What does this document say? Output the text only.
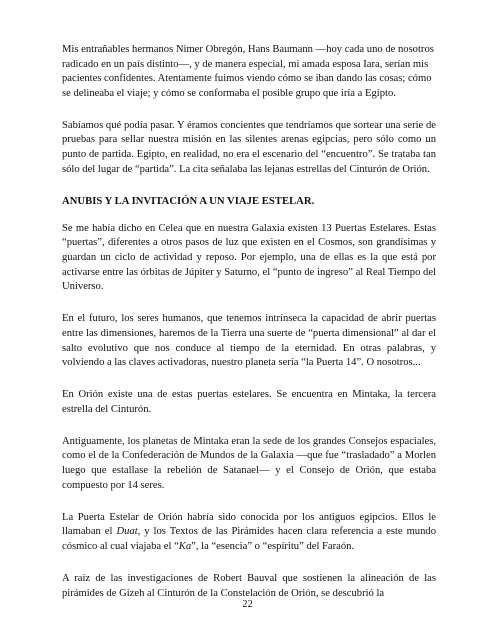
Mis entrañables hermanos Nimer Obregón, Hans Baumann —hoy cada uno de nosotros radicado en un país distinto—, y de manera especial, mi amada esposa Iara, serían mis pacientes confidentes. Atentamente fuimos viendo cómo se iban dando las cosas; cómo se delineaba el viaje; y cómo se conformaba el posible grupo que iría a Egipto.

Sabíamos qué podía pasar. Y éramos concientes que tendríamos que sortear una serie de pruebas para sellar nuestra misión en las silentes arenas egipcias, pero sólo como un punto de partida. Egipto, en realidad, no era el escenario del “encuentro”. Se trataba tan sólo del lugar de “partida”. La cita señalaba las lejanas estrellas del Cinturón de Orión.

ANUBIS Y LA INVITACIÓN A UN VIAJE ESTELAR.

Se me había dicho en Celea que en nuestra Galaxia existen 13 Puertas Estelares. Estas “puertas”, diferentes a otros pasos de luz que existen en el Cosmos, son grandísimas y guardan un ciclo de actividad y reposo. Por ejemplo, una de ellas es la que está por activarse entre las órbitas de Júpiter y Saturno, el “punto de ingreso” al Real Tiempo del Universo.

En el futuro, los seres humanos, que tenemos intrínseca la capacidad de abrir puertas entre las dimensiones, haremos de la Tierra una suerte de “puerta dimensional” al dar el salto evolutivo que nos conduce al tiempo de la eternidad. En otras palabras, y volviendo a las claves activadoras, nuestro planeta sería “la Puerta 14”. O nosotros...

En Orión existe una de estas puertas estelares. Se encuentra en Mintaka, la tercera estrella del Cinturón.

Antiguamente, los planetas de Mintaka eran la sede de los grandes Consejos espaciales, como el de la Confederación de Mundos de la Galaxia —que fue “trasladado” a Morlen luego que estallase la rebelión de Satanael— y el Consejo de Orión, que estaba compuesto por 14 seres.

La Puerta Estelar de Orión habría sido conocida por los antiguos egipcios. Ellos le llamaban el Duat, y los Textos de las Pirámides hacen clara referencia a este mundo cósmico al cual viajaba el “Ka”, la “esencia” o “espíritu” del Faraón.

A raíz de las investigaciones de Robert Bauval que sostienen la alineación de las pirámides de Gizeh al Cinturón de la Constelación de Orión, se descubrió la

22
